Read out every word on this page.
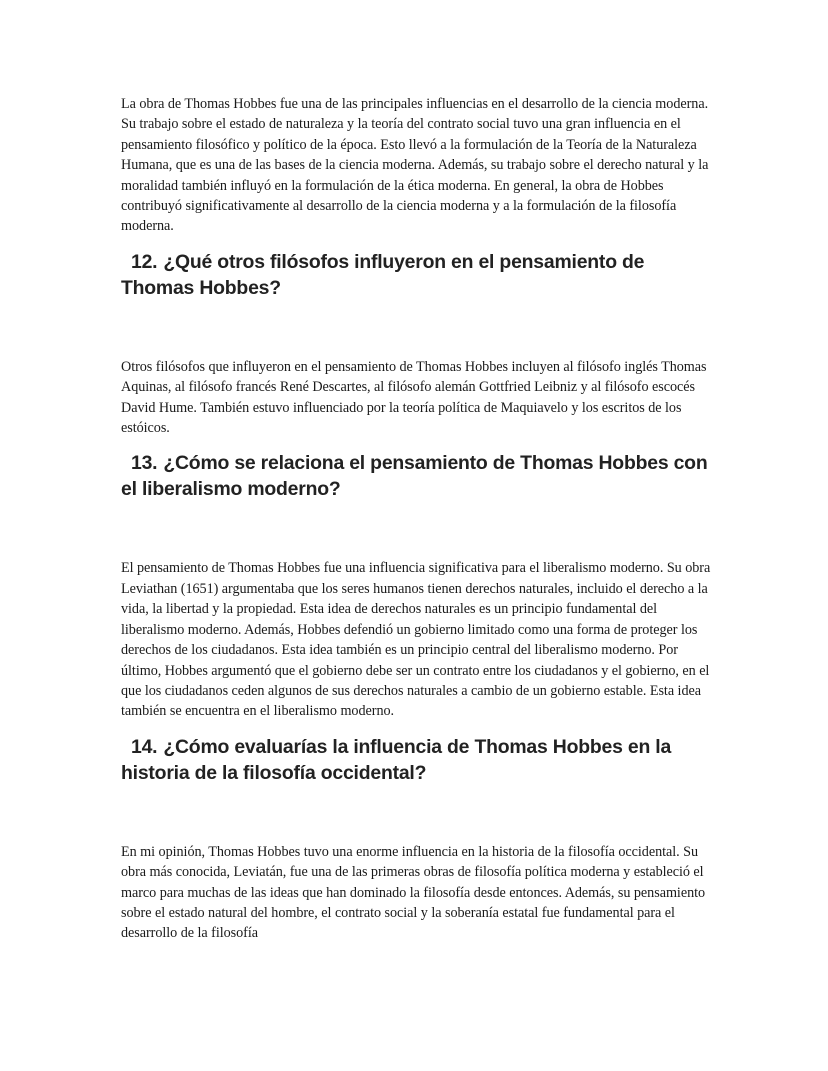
La obra de Thomas Hobbes fue una de las principales influencias en el desarrollo de la ciencia moderna. Su trabajo sobre el estado de naturaleza y la teoría del contrato social tuvo una gran influencia en el pensamiento filosófico y político de la época. Esto llevó a la formulación de la Teoría de la Naturaleza Humana, que es una de las bases de la ciencia moderna. Además, su trabajo sobre el derecho natural y la moralidad también influyó en la formulación de la ética moderna. En general, la obra de Hobbes contribuyó significativamente al desarrollo de la ciencia moderna y a la formulación de la filosofía moderna.

12. ¿Qué otros filósofos influyeron en el pensamiento de Thomas Hobbes?

Otros filósofos que influyeron en el pensamiento de Thomas Hobbes incluyen al filósofo inglés Thomas Aquinas, al filósofo francés René Descartes, al filósofo alemán Gottfried Leibniz y al filósofo escocés David Hume. También estuvo influenciado por la teoría política de Maquiavelo y los escritos de los estóicos.

13. ¿Cómo se relaciona el pensamiento de Thomas Hobbes con el liberalismo moderno?

El pensamiento de Thomas Hobbes fue una influencia significativa para el liberalismo moderno. Su obra Leviathan (1651) argumentaba que los seres humanos tienen derechos naturales, incluido el derecho a la vida, la libertad y la propiedad. Esta idea de derechos naturales es un principio fundamental del liberalismo moderno. Además, Hobbes defendió un gobierno limitado como una forma de proteger los derechos de los ciudadanos. Esta idea también es un principio central del liberalismo moderno. Por último, Hobbes argumentó que el gobierno debe ser un contrato entre los ciudadanos y el gobierno, en el que los ciudadanos ceden algunos de sus derechos naturales a cambio de un gobierno estable. Esta idea también se encuentra en el liberalismo moderno.

14. ¿Cómo evaluarías la influencia de Thomas Hobbes en la historia de la filosofía occidental?

En mi opinión, Thomas Hobbes tuvo una enorme influencia en la historia de la filosofía occidental. Su obra más conocida, Leviatán, fue una de las primeras obras de filosofía política moderna y estableció el marco para muchas de las ideas que han dominado la filosofía desde entonces. Además, su pensamiento sobre el estado natural del hombre, el contrato social y la soberanía estatal fue fundamental para el desarrollo de la filosofía
